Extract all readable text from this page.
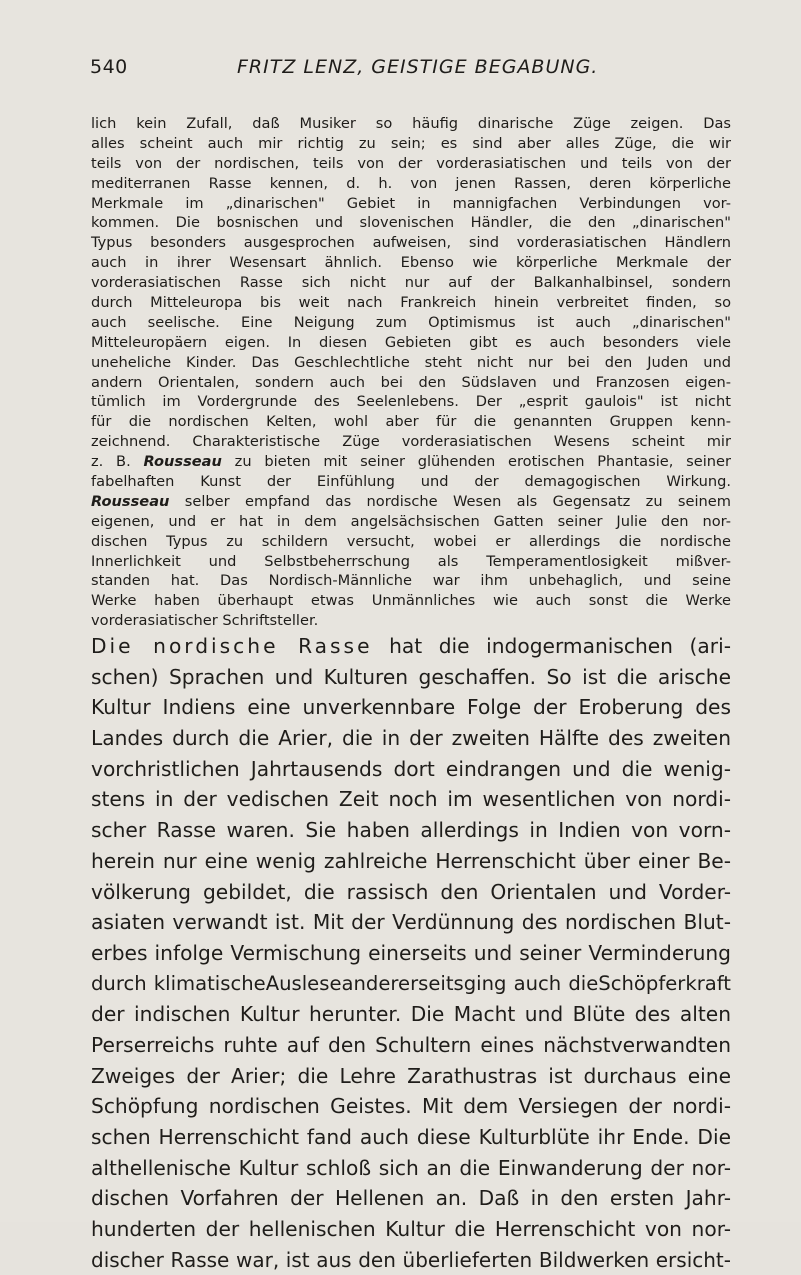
540	FRITZ LENZ, GEISTIGE BEGABUNG.
lich kein Zufall, daß Musiker so häufig dinarische Züge zeigen. Das
alles scheint auch mir richtig zu sein; es sind aber alles Züge, die wir
teils von der nordischen, teils von der vorderasiatischen und teils von der
mediterranen Rasse kennen, d. h. von jenen Rassen, deren körperliche
Merkmale im „dinarischen" Gebiet in mannigfachen Verbindungen vor-
kommen. Die bosnischen und slovenischen Händler, die den „dinarischen"
Typus besonders ausgesprochen aufweisen, sind vorderasiatischen Händlern
auch in ihrer Wesensart ähnlich. Ebenso wie körperliche Merkmale der
vorderasiatischen Rasse sich nicht nur auf der Balkanhalbinsel, sondern
durch Mitteleuropa bis weit nach Frankreich hinein verbreitet finden, so
auch seelische. Eine Neigung zum Optimismus ist auch „dinarischen"
Mitteleuropäern eigen. In diesen Gebieten gibt es auch besonders viele
uneheliche Kinder. Das Geschlechtliche steht nicht nur bei den Juden und
andern Orientalen, sondern auch bei den Südslaven und Franzosen eigen-
tümlich im Vordergrunde des Seelenlebens. Der „esprit gaulois" ist nicht
für die nordischen Kelten, wohl aber für die genannten Gruppen kenn-
zeichnend. Charakteristische Züge vorderasiatischen Wesens scheint mir
z. B. Rousseau zu bieten mit seiner glühenden erotischen Phantasie, seiner
fabelhaften Kunst der Einfühlung und der demagogischen Wirkung.
Rousseau selber empfand das nordische Wesen als Gegensatz zu seinem
eigenen, und er hat in dem angelsächsischen Gatten seiner Julie den nor-
dischen Typus zu schildern versucht, wobei er allerdings die nordische
Innerlichkeit und Selbstbeherrschung als Temperamentlosigkeit mißver-
standen hat. Das Nordisch-Männliche war ihm unbehaglich, und seine
Werke haben überhaupt etwas Unmännliches wie auch sonst die Werke
vorderasiatischer Schriftsteller.
Die nordische Rasse hat die indogermanischen (ari-
schen) Sprachen und Kulturen geschaffen. So ist die arische
Kultur Indiens eine unverkennbare Folge der Eroberung des
Landes durch die Arier, die in der zweiten Hälfte des zweiten
vorchristlichen Jahrtausends dort eindrangen und die wenig-
stens in der vedischen Zeit noch im wesentlichen von nordi-
scher Rasse waren. Sie haben allerdings in Indien von vorn-
herein nur eine wenig zahlreiche Herrenschicht über einer Be-
völkerung gebildet, die rassisch den Orientalen und Vorder-
asiaten verwandt ist. Mit der Verdünnung des nordischen Blut-
erbes infolge Vermischung einerseits und seiner Verminderung
durch klimatischeAusleseandererseitsging auch dieSchöpferkraft
der indischen Kultur herunter. Die Macht und Blüte des alten
Perserreichs ruhte auf den Schultern eines nächstverwandten
Zweiges der Arier; die Lehre Zarathustras ist durchaus eine
Schöpfung nordischen Geistes. Mit dem Versiegen der nordi-
schen Herrenschicht fand auch diese Kulturblüte ihr Ende. Die
althellenische Kultur schloß sich an die Einwanderung der nor-
dischen Vorfahren der Hellenen an. Daß in den ersten Jahr-
hunderten der hellenischen Kultur die Herrenschicht von nor-
discher Rasse war, ist aus den überlieferten Bildwerken ersicht-
